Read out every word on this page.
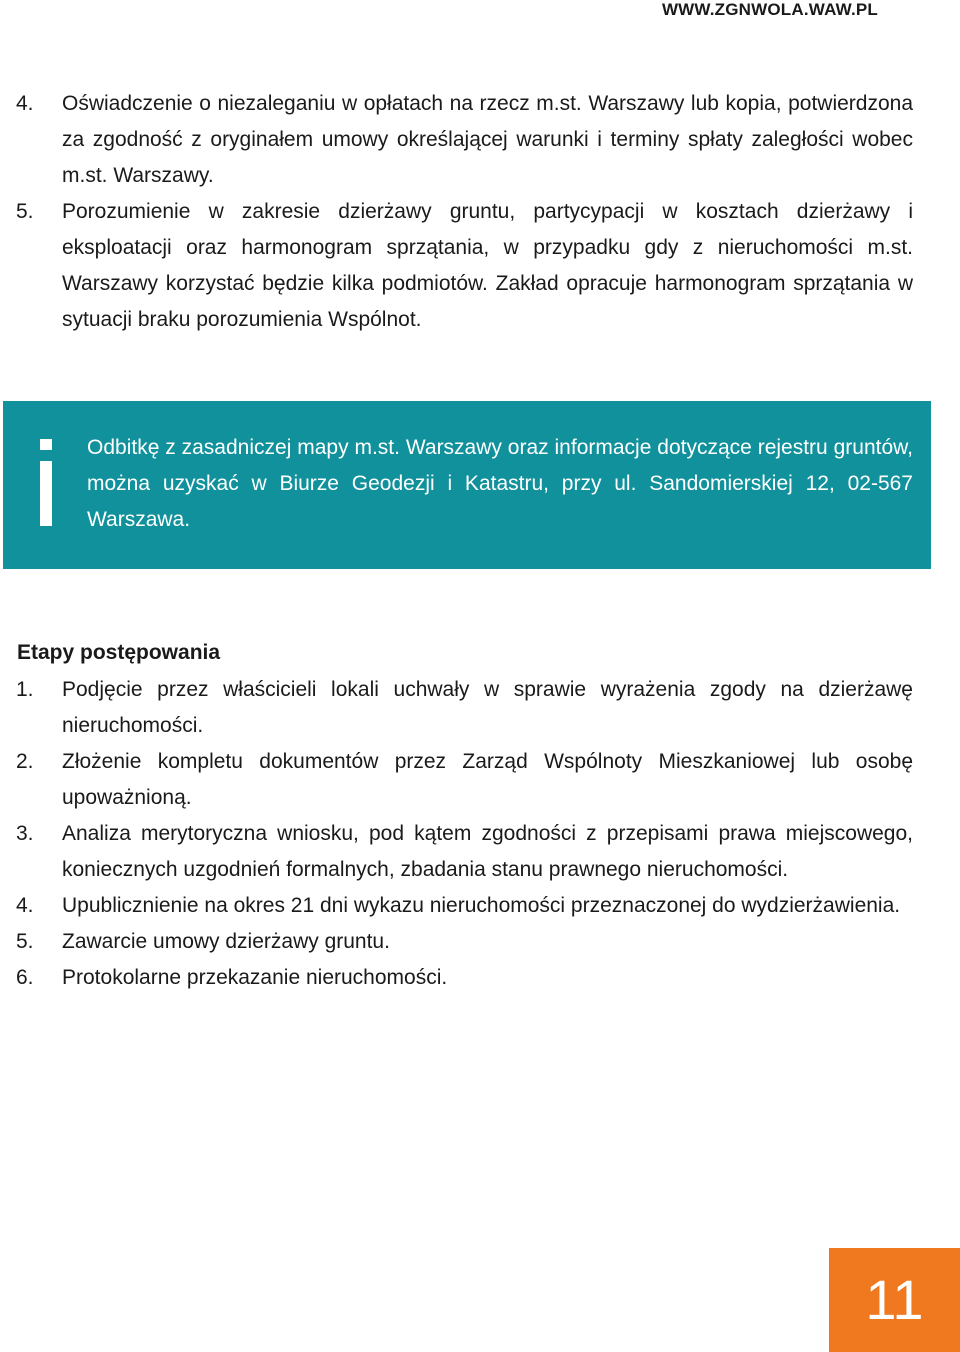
WWW.ZGNWOLA.WAW.PL
4. Oświadczenie o niezaleganiu w opłatach na rzecz m.st. Warszawy lub kopia, potwierdzona za zgodność z oryginałem umowy określającej warunki i terminy spłaty zaległości wobec m.st. Warszawy.
5. Porozumienie w zakresie dzierżawy gruntu, partycypacji w kosztach dzierżawy i eksploatacji oraz harmonogram sprzątania, w przypadku gdy z nieruchomości m.st. Warszawy korzystać będzie kilka podmiotów. Zakład opracuje harmonogram sprzątania w sytuacji braku porozumienia Wspólnot.
Odbitkę z zasadniczej mapy m.st. Warszawy oraz informacje dotyczące rejestru gruntów, można uzyskać w Biurze Geodezji i Katastru, przy ul. Sandomierskiej 12, 02-567 Warszawa.
Etapy postępowania
1. Podjęcie przez właścicieli lokali uchwały w sprawie wyrażenia zgody na dzierżawę nieruchomości.
2. Złożenie kompletu dokumentów przez Zarząd Wspólnoty Mieszkaniowej lub osobę upoważnioną.
3. Analiza merytoryczna wniosku, pod kątem zgodności z przepisami prawa miejscowego, koniecznych uzgodnień formalnych, zbadania stanu prawnego nieruchomości.
4. Upublicznienie na okres 21 dni wykazu nieruchomości przeznaczonej do wydzierżawienia.
5. Zawarcie umowy dzierżawy gruntu.
6. Protokolarne przekazanie nieruchomości.
11
